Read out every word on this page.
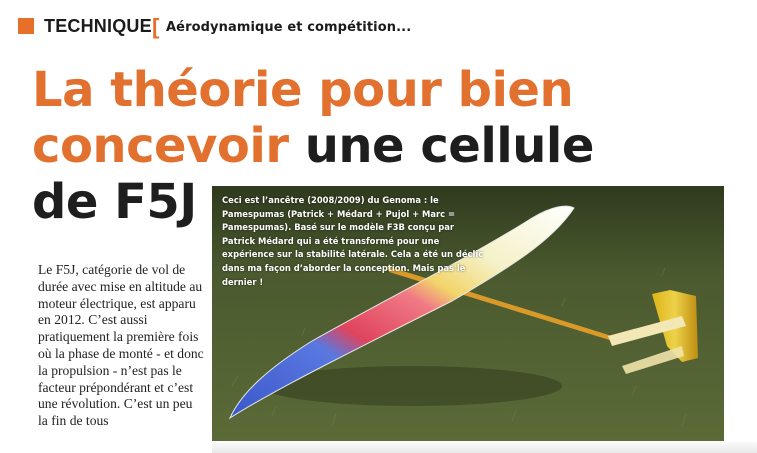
TECHNIQUE [ Aérodynamique et compétition...
La théorie pour bien
concevoir une cellule
de F5J

Le F5J, catégorie de vol de durée avec mise en altitude au moteur électrique, est apparu en 2012. C’est aussi pratiquement la première fois où la phase de monté - et donc la propulsion - n’est pas le facteur prépondérant et c’est une révolution. C’est un peu la fin de tous

Ceci est l’ancêtre (2008/2009) du Genoma : le Pamespumas (Patrick + Médard + Pujol + Marc = Pamespumas). Basé sur le modèle F3B conçu par Patrick Médard qui a été transformé pour une expérience sur la stabilité latérale. Cela a été un déclic dans ma façon d’aborder la conception. Mais pas le dernier !
